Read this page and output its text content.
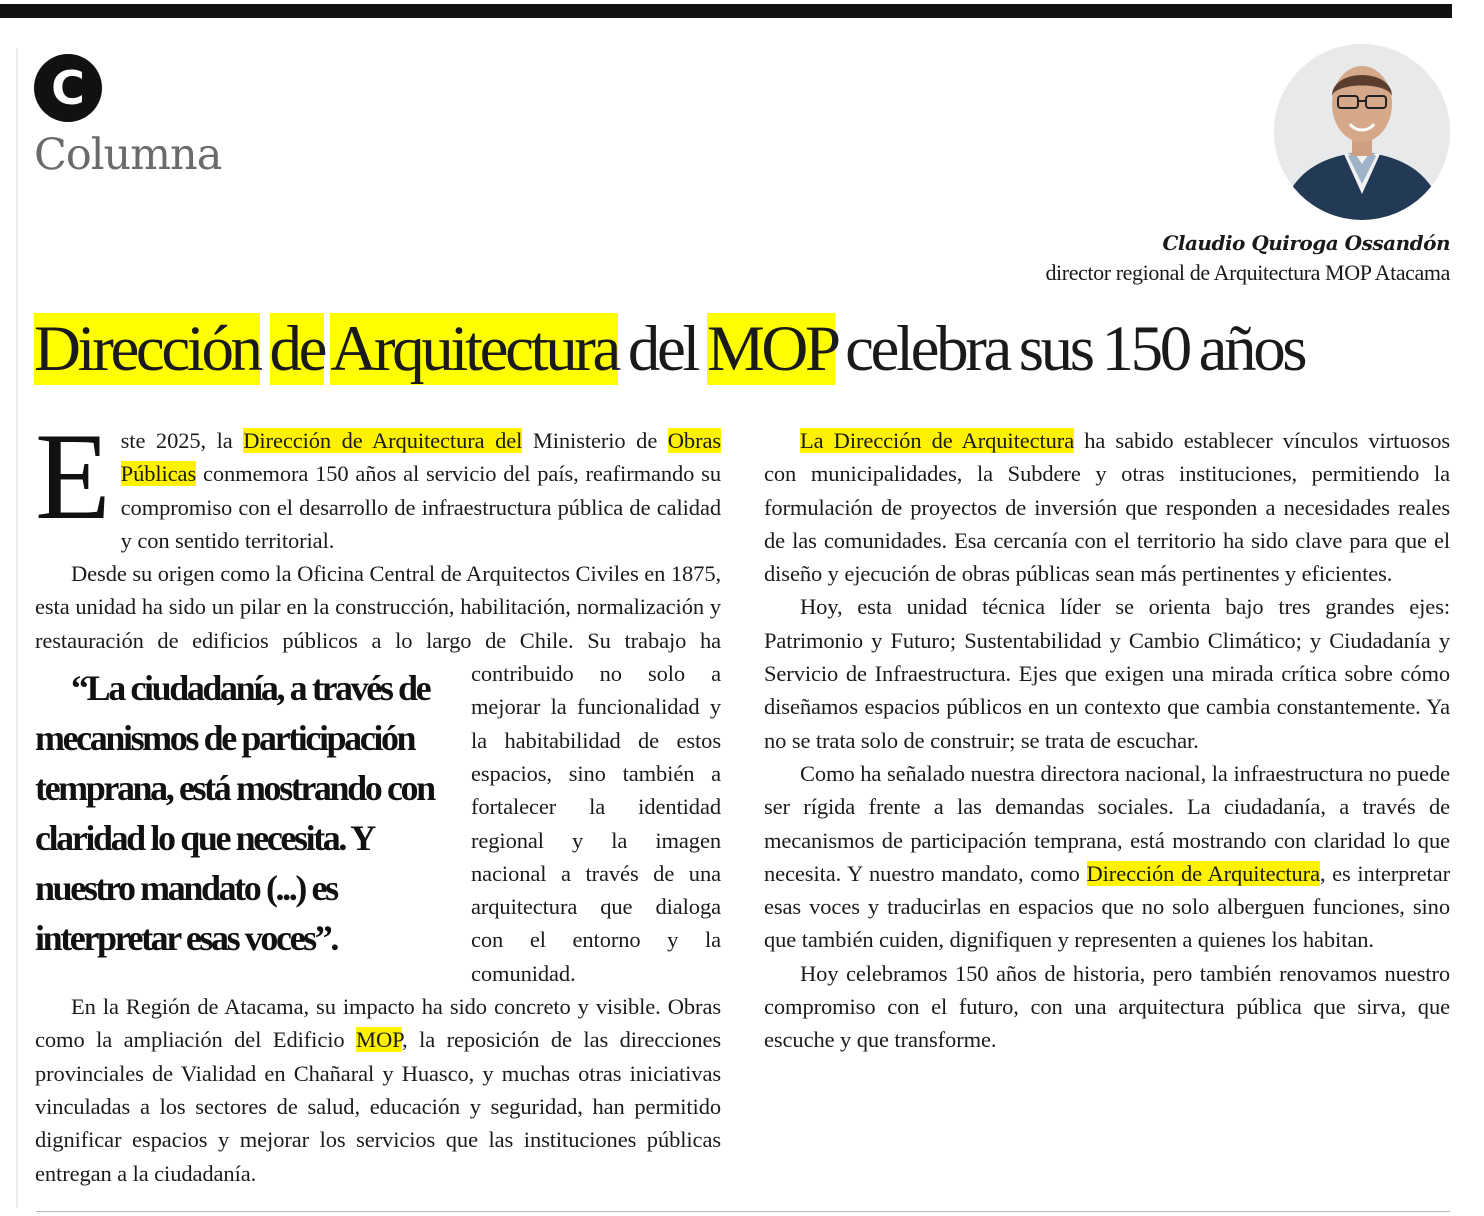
C
Columna
Claudio Quiroga Ossandón
director regional de Arquitectura MOP Atacama
Dirección de Arquitectura del MOP celebra sus 150 años

Este 2025, la Dirección de Arquitectura del Ministerio de Obras Públicas conmemora 150 años al servicio del país, reafirmando su compromiso con el desarrollo de infraestructura pública de calidad y con sentido territorial.

Desde su origen como la Oficina Central de Arquitectos Civiles en 1875, esta unidad ha sido un pilar en la construcción, habilitación, normalización y restauración de edificios públicos a lo largo
“La ciudadanía, a través de mecanismos de participación temprana, está mostrando con claridad lo que necesita. Y nuestro mandato (...) es interpretar esas voces”.
de Chile. Su trabajo ha contribuido no solo a mejorar la funcionalidad y la habitabilidad de estos espacios, sino también a fortalecer la identidad regional y la imagen nacional a través de una arquitectura que dialoga con el entorno y la comunidad.

En la Región de Atacama, su impacto ha sido concreto y visible. Obras como la ampliación del Edificio MOP, la reposición de las direcciones provinciales de Vialidad en Chañaral y Huasco, y muchas otras iniciativas vinculadas a los sectores de salud, educación y seguridad, han permitido dignificar espacios y mejorar los servicios que las instituciones públicas entregan a la ciudadanía.

La Dirección de Arquitectura ha sabido establecer vínculos virtuosos con municipalidades, la Subdere y otras instituciones, permitiendo la formulación de proyectos de inversión que responden a necesidades reales de las comunidades. Esa cercanía con el territorio ha sido clave para que el diseño y ejecución de obras públicas sean más pertinentes y eficientes.

Hoy, esta unidad técnica líder se orienta bajo tres grandes ejes: Patrimonio y Futuro; Sustentabilidad y Cambio Climático; y Ciudadanía y Servicio de Infraestructura. Ejes que exigen una mirada crítica sobre cómo diseñamos espacios públicos en un contexto que cambia constantemente. Ya no se trata solo de construir; se trata de escuchar.

Como ha señalado nuestra directora nacional, la infraestructura no puede ser rígida frente a las demandas sociales. La ciudadanía, a través de mecanismos de participación temprana, está mostrando con claridad lo que necesita. Y nuestro mandato, como Dirección de Arquitectura, es interpretar esas voces y traducirlas en espacios que no solo alberguen funciones, sino que también cuiden, dignifiquen y representen a quienes los habitan.

Hoy celebramos 150 años de historia, pero también renovamos nuestro compromiso con el futuro, con una arquitectura pública que sirva, que escuche y que transforme.
